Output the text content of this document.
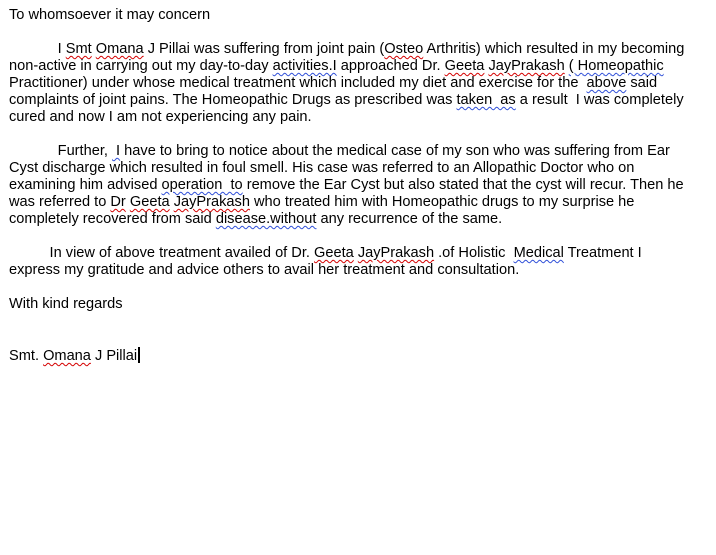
To whomsoever it may concern
I Smt Omana J Pillai was suffering from joint pain (Osteo Arthritis) which resulted in my becoming
non-active in carrying out my day-to-day activities.I approached Dr. Geeta JayPrakash ( Homeopathic
Practitioner) under whose medical treatment which included my diet and exercise for the  above said
complaints of joint pains. The Homeopathic Drugs as prescribed was taken  as a result  I was completely
cured and now I am not experiencing any pain.
Further,  I have to bring to notice about the medical case of my son who was suffering from Ear
Cyst discharge which resulted in foul smell. His case was referred to an Allopathic Doctor who on
examining him advised operation  to remove the Ear Cyst but also stated that the cyst will recur. Then he
was referred to Dr Geeta JayPrakash who treated him with Homeopathic drugs to my surprise he
completely recovered from said disease.without any recurrence of the same.
In view of above treatment availed of Dr. Geeta JayPrakash .of Holistic  Medical Treatment I
express my gratitude and advice others to avail her treatment and consultation.
With kind regards
Smt. Omana J Pillai
